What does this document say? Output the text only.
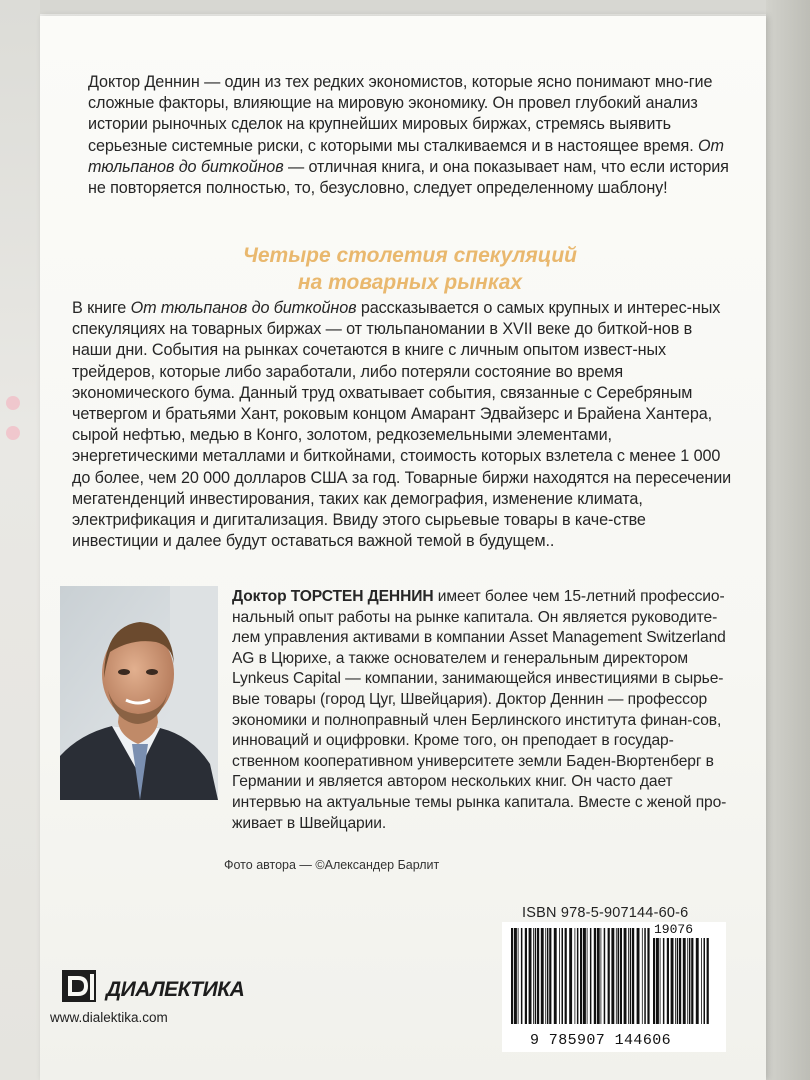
Доктор Деннин — один из тех редких экономистов, которые ясно понимают мно-гие сложные факторы, влияющие на мировую экономику. Он провел глубокий анализ истории рыночных сделок на крупнейших мировых биржах, стремясь выявить серьезные системные риски, с которыми мы сталкиваемся и в настоящее время. От тюльпанов до биткойнов — отличная книга, и она показывает нам, что если история не повторяется полностью, то, безусловно, следует определенному шаблону!

Четыре столетия спекуляций
на товарных рынках

В книге От тюльпанов до биткойнов рассказывается о самых крупных и интерес-ных спекуляциях на товарных биржах — от тюльпаномании в XVII веке до биткой-нов в наши дни. События на рынках сочетаются в книге с личным опытом извест-ных трейдеров, которые либо заработали, либо потеряли состояние во время экономического бума. Данный труд охватывает события, связанные с Серебряным четвергом и братьями Хант, роковым концом Амарант Эдвайзерс и Брайена Хантера, сырой нефтью, медью в Конго, золотом, редкоземельными элементами, энергетическими металлами и биткойнами, стоимость которых взлетела с менее 1 000 до более, чем 20 000 долларов США за год. Товарные биржи находятся на пересечении мегатенденций инвестирования, таких как демография, изменение климата, электрификация и дигитализация. Ввиду этого сырьевые товары в каче-стве инвестиции и далее будут оставаться важной темой в будущем..

Доктор ТОРСТЕН ДЕННИН имеет более чем 15-летний профессио-нальный опыт работы на рынке капитала. Он является руководите-лем управления активами в компании Asset Management Switzerland AG в Цюрихе, а также основателем и генеральным директором Lynkeus Capital — компании, занимающейся инвестициями в сырье-вые товары (город Цуг, Швейцария). Доктор Деннин — профессор экономики и полноправный член Берлинского института финан-сов, инноваций и оцифровки. Кроме того, он преподает в государ-ственном кооперативном университете земли Баден-Вюртенберг в Германии и является автором нескольких книг. Он часто дает интервью на актуальные темы рынка капитала. Вместе с женой про-живает в Швейцарии.

Фото автора — ©Александер Барлит

ISBN 978-5-907144-60-6

19076
9 785907 144606
ДИАЛЕКТИКА

www.dialektika.com
